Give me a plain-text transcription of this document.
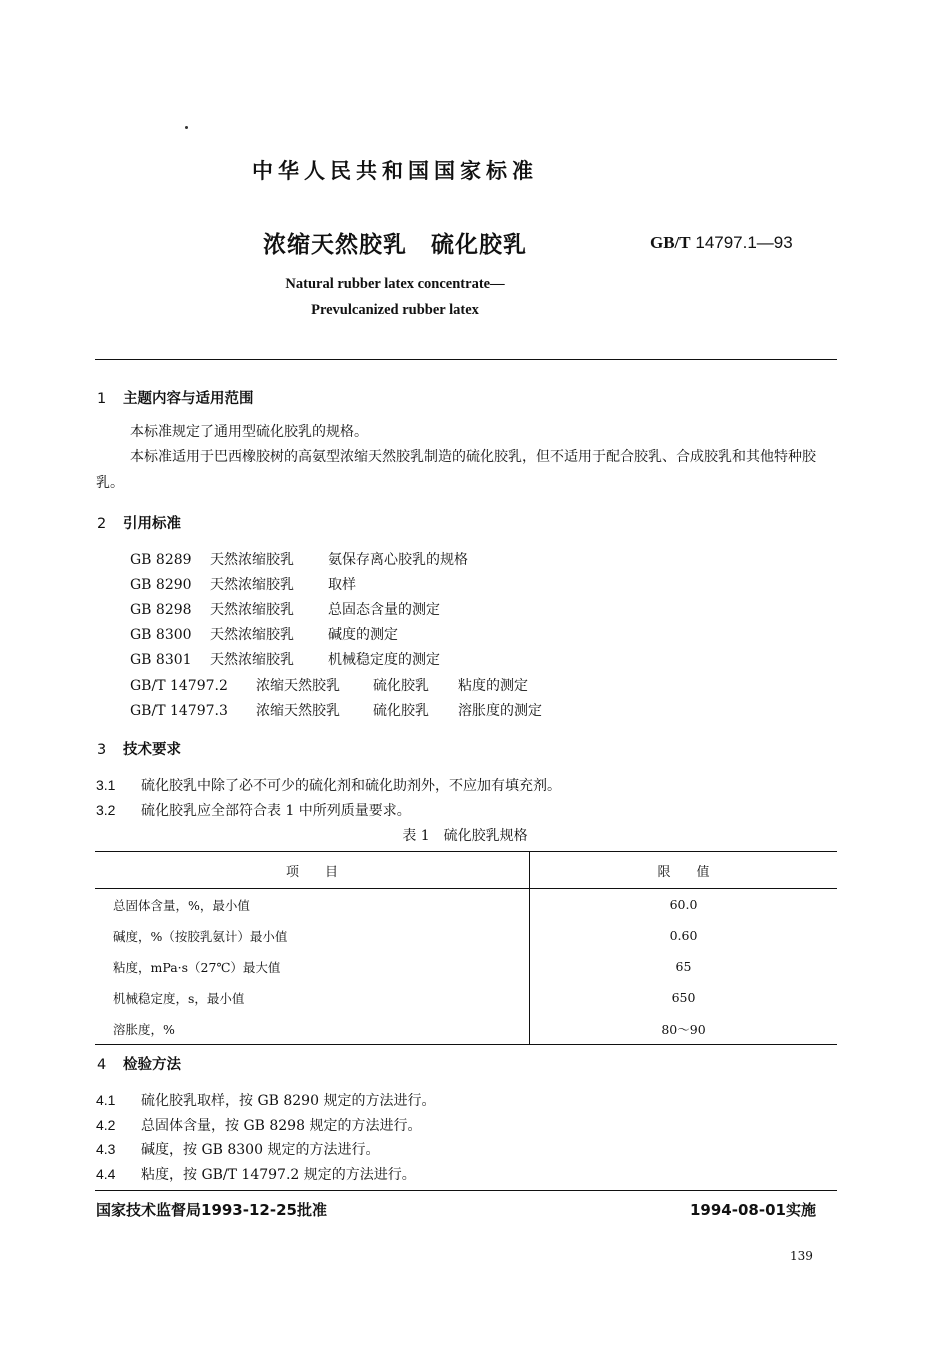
中华人民共和国国家标准
浓缩天然胶乳　硫化胶乳	GB/T 14797.1—93
Natural rubber latex concentrate—
Prevulcanized rubber latex
1 主题内容与适用范围
本标准规定了通用型硫化胶乳的规格。
本标准适用于巴西橡胶树的高氨型浓缩天然胶乳制造的硫化胶乳，但不适用于配合胶乳、合成胶乳和其他特种胶乳。
2 引用标准
GB 8289 天然浓缩胶乳 氨保存离心胶乳的规格
GB 8290 天然浓缩胶乳 取样
GB 8298 天然浓缩胶乳 总固态含量的测定
GB 8300 天然浓缩胶乳 碱度的测定
GB 8301 天然浓缩胶乳 机械稳定度的测定
GB/T 14797.2 浓缩天然胶乳 硫化胶乳 粘度的测定
GB/T 14797.3 浓缩天然胶乳 硫化胶乳 溶胀度的测定
3 技术要求
3.1 硫化胶乳中除了必不可少的硫化剂和硫化助剂外，不应加有填充剂。
3.2 硫化胶乳应全部符合表 1 中所列质量要求。
表 1　硫化胶乳规格
项　　目	限　　值
总固体含量，%，最小值	60.0
碱度，%（按胶乳氨计）最小值	0.60
粘度，mPa·s（27℃）最大值	65
机械稳定度，s，最小值	650
溶胀度，%	80～90
4 检验方法
4.1 硫化胶乳取样，按 GB 8290 规定的方法进行。
4.2 总固体含量，按 GB 8298 规定的方法进行。
4.3 碱度，按 GB 8300 规定的方法进行。
4.4 粘度，按 GB/T 14797.2 规定的方法进行。
国家技术监督局1993-12-25批准	1994-08-01实施
139
